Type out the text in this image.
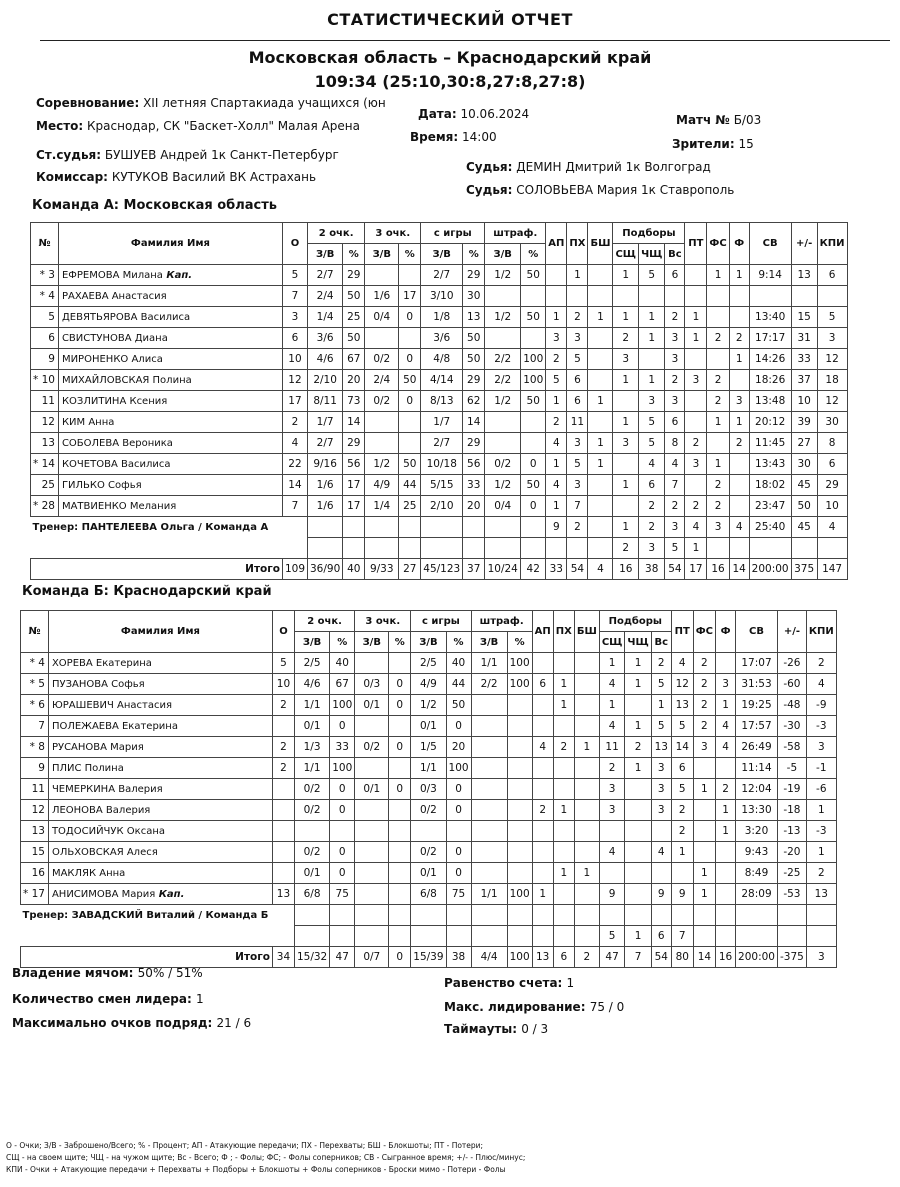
СТАТИСТИЧЕСКИЙ ОТЧЕТ
Московская область – Краснодарский край
109:34 (25:10,30:8,27:8,27:8)
Соревнование: XII летняя Спартакиада учащихся (юн
Дата: 10.06.2024	Матч № Б/03
Место: Краснодар, СК "Баскет-Холл" Малая Арена
Время: 14:00	Зрители: 15
Ст.судья: БУШУЕВ Андрей 1к Санкт-Петербург
Судья: ДЕМИН Дмитрий 1к Волгоград
Комиссар: КУТУКОВ Василий ВК Астрахань
Судья: СОЛОВЬЕВА Мария 1к Ставрополь
Команда А: Московская область
№	Фамилия Имя	О	2 очк.		3 очк.		с игры		штраф.		АП	ПХ	БШ	Подборы			ПТ	ФС	Ф	СВ	+/-	КПИ
			З/В	%	З/В	%	З/В	%	З/В	%				СЩ	ЧЩ	Вс						
* 3	ЕФРЕМОВА Милана Кап.	5	2/7	29			2/7	29	1/2	50		1		1	5	6		1	1	9:14	13	6
* 4	РАХАЕВА Анастасия	7	2/4	50	1/6	17	3/10	30														
5	ДЕВЯТЬЯРОВА Василиса	3	1/4	25	0/4	0	1/8	13	1/2	50	1	2	1	1	1	2	1			13:40	15	5
6	СВИСТУНОВА Диана	6	3/6	50			3/6	50			3	3		2	1	3	1	2	2	17:17	31	3
9	МИРОНЕНКО Алиса	10	4/6	67	0/2	0	4/8	50	2/2	100	2	5		3		3			1	14:26	33	12
* 10	МИХАЙЛОВСКАЯ Полина	12	2/10	20	2/4	50	4/14	29	2/2	100	5	6		1	1	2	3	2		18:26	37	18
11	КОЗЛИТИНА Ксения	17	8/11	73	0/2	0	8/13	62	1/2	50	1	6	1		3	3		2	3	13:48	10	12
12	КИМ Анна	2	1/7	14			1/7	14			2	11		1	5	6		1	1	20:12	39	30
13	СОБОЛЕВА Вероника	4	2/7	29			2/7	29			4	3	1	3	5	8	2		2	11:45	27	8
* 14	КОЧЕТОВА Василиса	22	9/16	56	1/2	50	10/18	56	0/2	0	1	5	1		4	4	3	1		13:43	30	6
25	ГИЛЬКО Софья	14	1/6	17	4/9	44	5/15	33	1/2	50	4	3		1	6	7		2		18:02	45	29
* 28	МАТВИЕНКО Мелания	7	1/6	17	1/4	25	2/10	20	0/4	0	1	7			2	2	2	2		23:47	50	10
Тренер: ПАНТЕЛЕЕВА Ольга / Команда А											9	2		1	2	3	4	3	4	25:40	45	4
														2	3	5	1					
Итого		109	36/90	40	9/33	27	45/123	37	10/24	42	33	54	4	16	38	54	17	16	14	200:00	375	147
Команда Б: Краснодарский край
№	Фамилия Имя	О	2 очк.		3 очк.		с игры		штраф.		АП	ПХ	БШ	Подборы			ПТ	ФС	Ф	СВ	+/-	КПИ
			З/В	%	З/В	%	З/В	%	З/В	%				СЩ	ЧЩ	Вс						
* 4	ХОРЕВА Екатерина	5	2/5	40			2/5	40	1/1	100				1	1	2	4	2		17:07	-26	2
* 5	ПУЗАНОВА Софья	10	4/6	67	0/3	0	4/9	44	2/2	100	6	1		4	1	5	12	2	3	31:53	-60	4
* 6	ЮРАШЕВИЧ Анастасия	2	1/1	100	0/1	0	1/2	50				1		1		1	13	2	1	19:25	-48	-9
7	ПОЛЕЖАЕВА Екатерина		0/1	0			0/1	0						4	1	5	5	2	4	17:57	-30	-3
* 8	РУСАНОВА Мария	2	1/3	33	0/2	0	1/5	20			4	2	1	11	2	13	14	3	4	26:49	-58	3
9	ПЛИС Полина	2	1/1	100			1/1	100						2	1	3	6			11:14	-5	-1
11	ЧЕМЕРКИНА Валерия		0/2	0	0/1	0	0/3	0						3		3	5	1	2	12:04	-19	-6
12	ЛЕОНОВА Валерия		0/2	0			0/2	0			2	1		3		3	2		1	13:30	-18	1
13	ТОДОСИЙЧУК Оксана																2		1	3:20	-13	-3
15	ОЛЬХОВСКАЯ Алеся		0/2	0			0/2	0						4		4	1			9:43	-20	1
16	МАКЛЯК Анна		0/1	0			0/1	0				1	1					1		8:49	-25	2
* 17	АНИСИМОВА Мария Кап.	13	6/8	75			6/8	75	1/1	100	1			9		9	9	1		28:09	-53	13
Тренер: ЗАВАДСКИЙ Виталий / Команда Б																						
														5	1	6	7					
Итого		34	15/32	47	0/7	0	15/39	38	4/4	100	13	6	2	47	7	54	80	14	16	200:00	-375	3
Владение мячом: 50% / 51%
Количество смен лидера: 1
Максимально очков подряд: 21 / 6
Равенство счета: 1
Макс. лидирование: 75 / 0
Таймауты: 0 / 3
О - Очки; З/В - Заброшено/Всего; % - Процент; АП - Атакующие передачи; ПХ - Перехваты; БШ - Блокшоты; ПТ - Потери;
СЩ - на своем щите; ЧЩ - на чужом щите; Вс - Всего; Ф ; - Фолы; ФС; - Фолы соперников; СВ - Сыгранное время; +/- - Плюс/минус;
КПИ - Очки + Атакующие передачи + Перехваты + Подборы + Блокшоты + Фолы соперников - Броски мимо - Потери - Фолы
